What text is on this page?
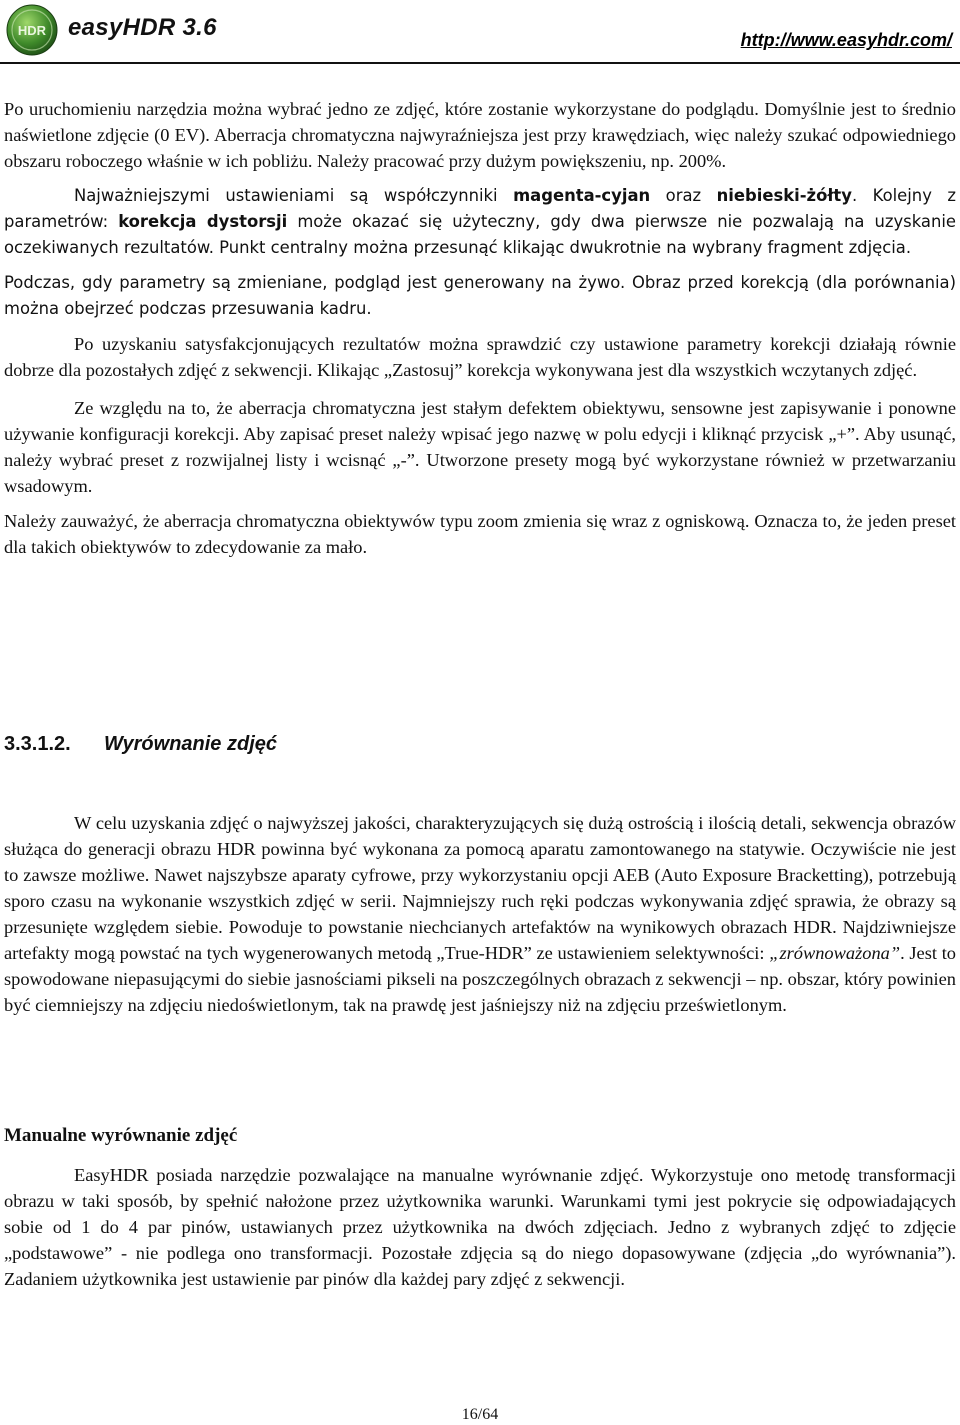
HDR easyHDR 3.6	http://www.easyhdr.com/

Po uruchomieniu narzędzia można wybrać jedno ze zdjęć, które zostanie wykorzystane do podglądu. Domyślnie jest to średnio naświetlone zdjęcie (0 EV). Aberracja chromatyczna najwyraźniejsza jest przy krawędziach, więc należy szukać odpowiedniego obszaru roboczego właśnie w ich pobliżu. Należy pracować przy dużym powiększeniu, np. 200%.

Najważniejszymi ustawieniami są współczynniki magenta-cyjan oraz niebieski-żółty. Kolejny z parametrów: korekcja dystorsji może okazać się użyteczny, gdy dwa pierwsze nie pozwalają na uzyskanie oczekiwanych rezultatów. Punkt centralny można przesunąć klikając dwukrotnie na wybrany fragment zdjęcia.

Podczas, gdy parametry są zmieniane, podgląd jest generowany na żywo. Obraz przed korekcją (dla porównania) można obejrzeć podczas przesuwania kadru.

Po uzyskaniu satysfakcjonujących rezultatów można sprawdzić czy ustawione parametry korekcji działają równie dobrze dla pozostałych zdjęć z sekwencji. Klikając „Zastosuj” korekcja wykonywana jest dla wszystkich wczytanych zdjęć.

Ze względu na to, że aberracja chromatyczna jest stałym defektem obiektywu, sensowne jest zapisywanie i ponowne używanie konfiguracji korekcji. Aby zapisać preset należy wpisać jego nazwę w polu edycji i kliknąć przycisk „+”. Aby usunąć, należy wybrać preset z rozwijalnej listy i wcisnąć „-”. Utworzone presety mogą być wykorzystane również w przetwarzaniu wsadowym.

Należy zauważyć, że aberracja chromatyczna obiektywów typu zoom zmienia się wraz z ogniskową. Oznacza to, że jeden preset dla takich obiektywów to zdecydowanie za mało.

3.3.1.2. Wyrównanie zdjęć

W celu uzyskania zdjęć o najwyższej jakości, charakteryzujących się dużą ostrością i ilością detali, sekwencja obrazów służąca do generacji obrazu HDR powinna być wykonana za pomocą aparatu zamontowanego na statywie. Oczywiście nie jest to zawsze możliwe. Nawet najszybsze aparaty cyfrowe, przy wykorzystaniu opcji AEB (Auto Exposure Bracketting), potrzebują sporo czasu na wykonanie wszystkich zdjęć w serii. Najmniejszy ruch ręki podczas wykonywania zdjęć sprawia, że obrazy są przesunięte względem siebie. Powoduje to powstanie niechcianych artefaktów na wynikowych obrazach HDR. Najdziwniejsze artefakty mogą powstać na tych wygenerowanych metodą „True-HDR” ze ustawieniem selektywności: „zrównoważona”. Jest to spowodowane niepasującymi do siebie jasnościami pikseli na poszczególnych obrazach z sekwencji – np. obszar, który powinien być ciemniejszy na zdjęciu niedoświetlonym, tak na prawdę jest jaśniejszy niż na zdjęciu prześwietlonym.

Manualne wyrównanie zdjęć

EasyHDR posiada narzędzie pozwalające na manualne wyrównanie zdjęć. Wykorzystuje ono metodę transformacji obrazu w taki sposób, by spełnić nałożone przez użytkownika warunki. Warunkami tymi jest pokrycie się odpowiadających sobie od 1 do 4 par pinów, ustawianych przez użytkownika na dwóch zdjęciach. Jedno z wybranych zdjęć to zdjęcie „podstawowe” - nie podlega ono transformacji. Pozostałe zdjęcia są do niego dopasowywane (zdjęcia „do wyrównania”). Zadaniem użytkownika jest ustawienie par pinów dla każdej pary zdjęć z sekwencji.

16/64
